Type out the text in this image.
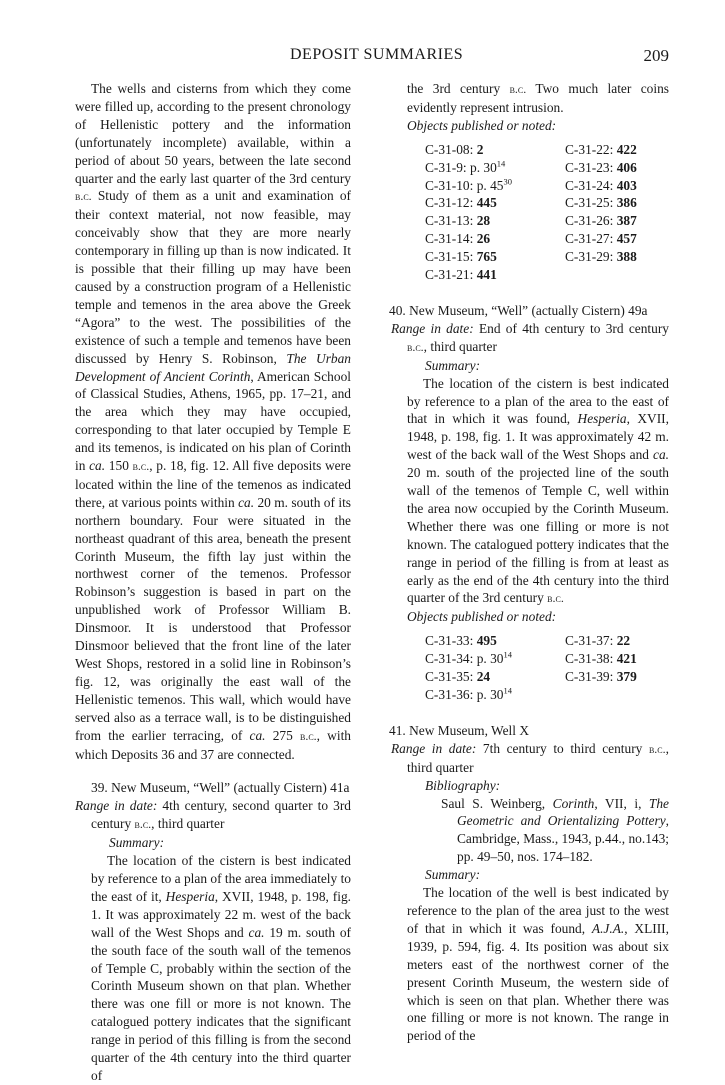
DEPOSIT SUMMARIES	209

The wells and cisterns from which they come were filled up, according to the present chronology of Hellenistic pottery and the information (unfortunately incomplete) available, within a period of about 50 years, between the late second quarter and the early last quarter of the 3rd century b.c. Study of them as a unit and examination of their context material, not now feasible, may conceivably show that they are more nearly contemporary in filling up than is now indicated. It is possible that their filling up may have been caused by a construction program of a Hellenistic temple and temenos in the area above the Greek “Agora” to the west. The possibilities of the existence of such a temple and temenos have been discussed by Henry S. Robinson, The Urban Development of Ancient Corinth, American School of Classical Studies, Athens, 1965, pp. 17–21, and the area which they may have occupied, corresponding to that later occupied by Temple E and its temenos, is indicated on his plan of Corinth in ca. 150 b.c., p. 18, fig. 12. All five deposits were located within the line of the temenos as indicated there, at various points within ca. 20 m. south of its northern boundary. Four were situated in the northeast quadrant of this area, beneath the present Corinth Museum, the fifth lay just within the northwest corner of the temenos. Professor Robinson’s suggestion is based in part on the unpublished work of Professor William B. Dinsmoor. It is understood that Professor Dinsmoor believed that the front line of the later West Shops, restored in a solid line in Robinson’s fig. 12, was originally the east wall of the Hellenistic temenos. This wall, which would have served also as a terrace wall, is to be distinguished from the earlier terracing, of ca. 275 b.c., with which Deposits 36 and 37 are connected.

39. New Museum, “Well” (actually Cistern) 41a

Range in date: 4th century, second quarter to 3rd century b.c., third quarter

Summary:

The location of the cistern is best indicated by reference to a plan of the area immediately to the east of it, Hesperia, XVII, 1948, p. 198, fig. 1. It was approximately 22 m. west of the back wall of the West Shops and ca. 19 m. south of the south face of the south wall of the temenos of Temple C, probably within the section of the Corinth Museum shown on that plan. Whether there was one fill or more is not known. The catalogued pottery indicates that the significant range in period of this filling is from the second quarter of the 4th century into the third quarter of

the 3rd century b.c. Two much later coins evidently represent intrusion.

Objects published or noted:

C-31-08: 2	C-31-22: 422
C-31-9: p. $30^{14}$	C-31-23: 406
C-31-10: p. $45^{30}$	C-31-24: 403
C-31-12: 445	C-31-25: 386
C-31-13: 28	C-31-26: 387
C-31-14: 26	C-31-27: 457
C-31-15: 765	C-31-29: 388
C-31-21: 441

40. New Museum, “Well” (actually Cistern) 49a

Range in date: End of 4th century to 3rd century b.c., third quarter

Summary:

The location of the cistern is best indicated by reference to a plan of the area to the east of that in which it was found, Hesperia, XVII, 1948, p. 198, fig. 1. It was approximately 42 m. west of the back wall of the West Shops and ca. 20 m. south of the projected line of the south wall of the temenos of Temple C, well within the area now occupied by the Corinth Museum. Whether there was one filling or more is not known. The catalogued pottery indicates that the range in period of the filling is from at least as early as the end of the 4th century into the third quarter of the 3rd century b.c.

Objects published or noted:

C-31-33: 495	C-31-37: 22
C-31-34: p. $30^{14}$	C-31-38: 421
C-31-35: 24	C-31-39: 379
C-31-36: p. $30^{14}$

41. New Museum, Well X

Range in date: 7th century to third century b.c., third quarter

Bibliography:

Saul S. Weinberg, Corinth, VII, i, The Geometric and Orientalizing Pottery, Cambridge, Mass., 1943, p.44., no.143; pp. 49–50, nos. 174–182.

Summary:

The location of the well is best indicated by reference to the plan of the area just to the west of that in which it was found, A.J.A., XLIII, 1939, p. 594, fig. 4. Its position was about six meters east of the northwest corner of the present Corinth Museum, the western side of which is seen on that plan. Whether there was one filling or more is not known. The range in period of the
